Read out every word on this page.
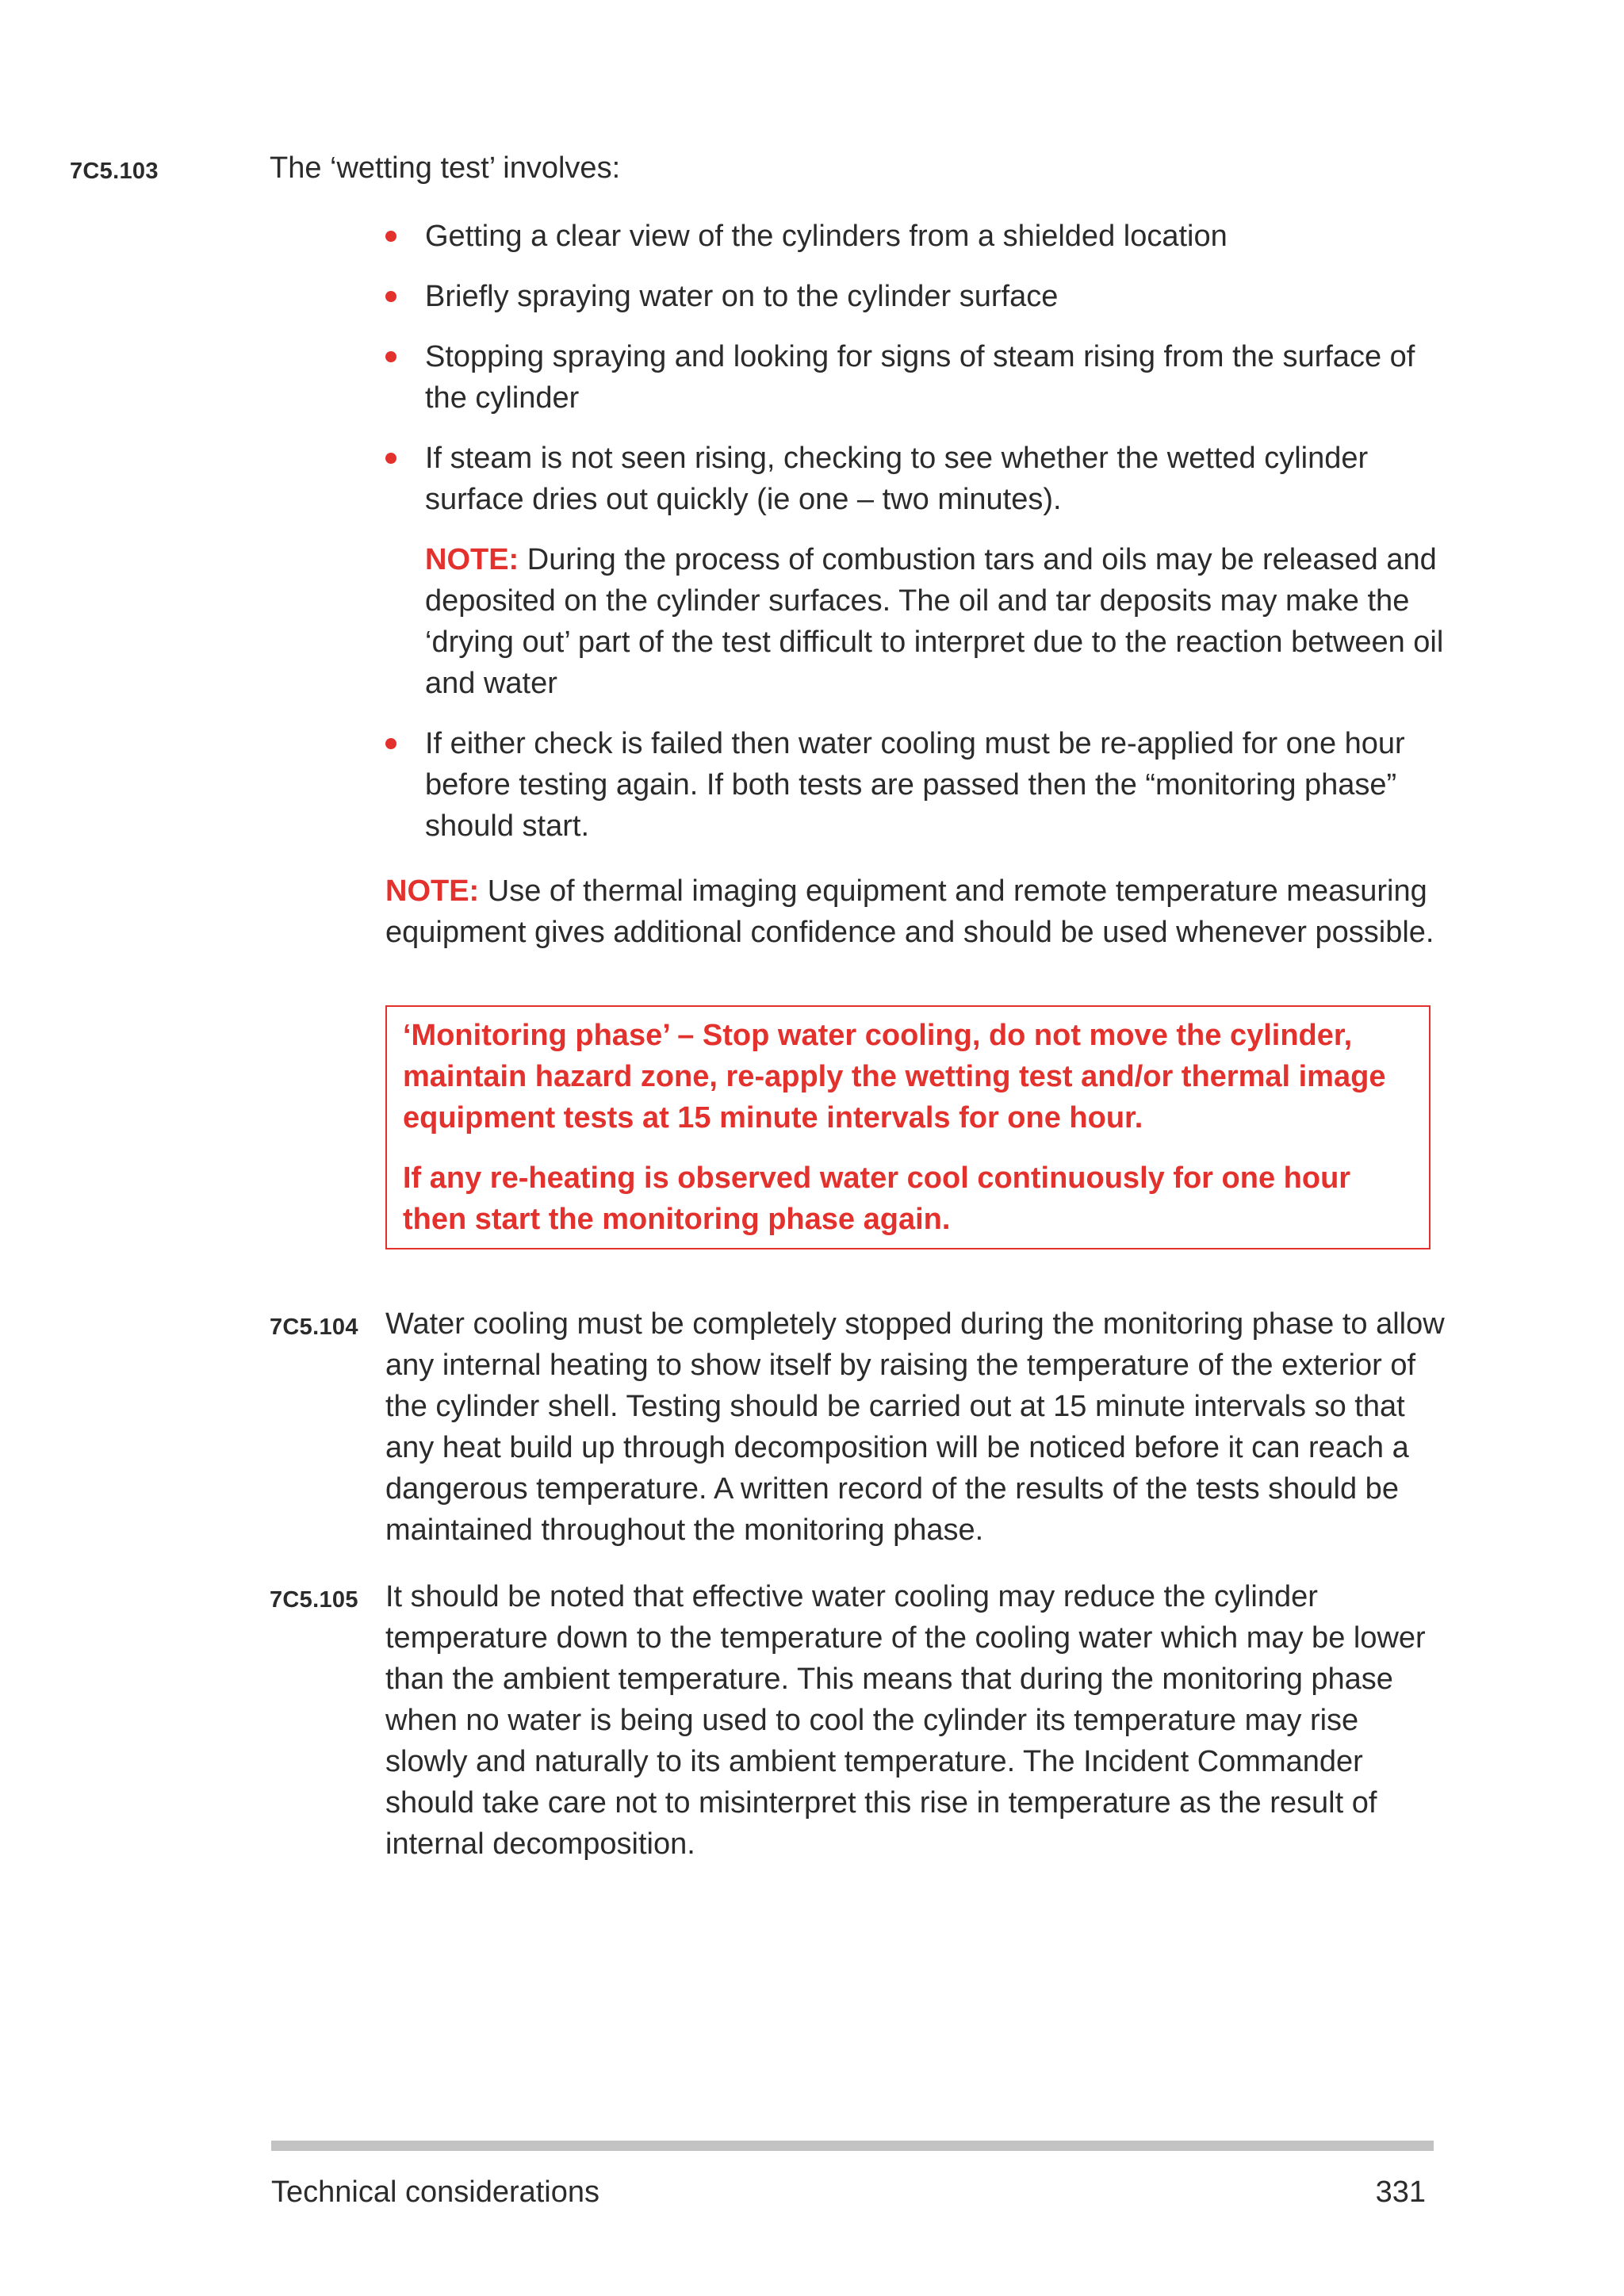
7C5.103	The ‘wetting test’ involves:

Getting a clear view of the cylinders from a shielded location
Briefly spraying water on to the cylinder surface
Stopping spraying and looking for signs of steam rising from the surface of the cylinder
If steam is not seen rising, checking to see whether the wetted cylinder surface dries out quickly (ie one – two minutes).
NOTE: During the process of combustion tars and oils may be released and deposited on the cylinder surfaces. The oil and tar deposits may make the ‘drying out’ part of the test difficult to interpret due to the reaction between oil and water
If either check is failed then water cooling must be re-applied for one hour before testing again. If both tests are passed then the “monitoring phase” should start.
NOTE: Use of thermal imaging equipment and remote temperature measuring equipment gives additional confidence and should be used whenever possible.

‘Monitoring phase’ – Stop water cooling, do not move the cylinder, maintain hazard zone, re-apply the wetting test and/or thermal image equipment tests at 15 minute intervals for one hour.

If any re-heating is observed water cool continuously for one hour then start the monitoring phase again.

7C5.104 Water cooling must be completely stopped during the monitoring phase to allow any internal heating to show itself by raising the temperature of the exterior of the cylinder shell. Testing should be carried out at 15 minute intervals so that any heat build up through decomposition will be noticed before it can reach a dangerous temperature. A written record of the results of the tests should be maintained throughout the monitoring phase.

7C5.105 It should be noted that effective water cooling may reduce the cylinder temperature down to the temperature of the cooling water which may be lower than the ambient temperature. This means that during the monitoring phase when no water is being used to cool the cylinder its temperature may rise slowly and naturally to its ambient temperature. The Incident Commander should take care not to misinterpret this rise in temperature as the result of internal decomposition.

Technical considerations	331
